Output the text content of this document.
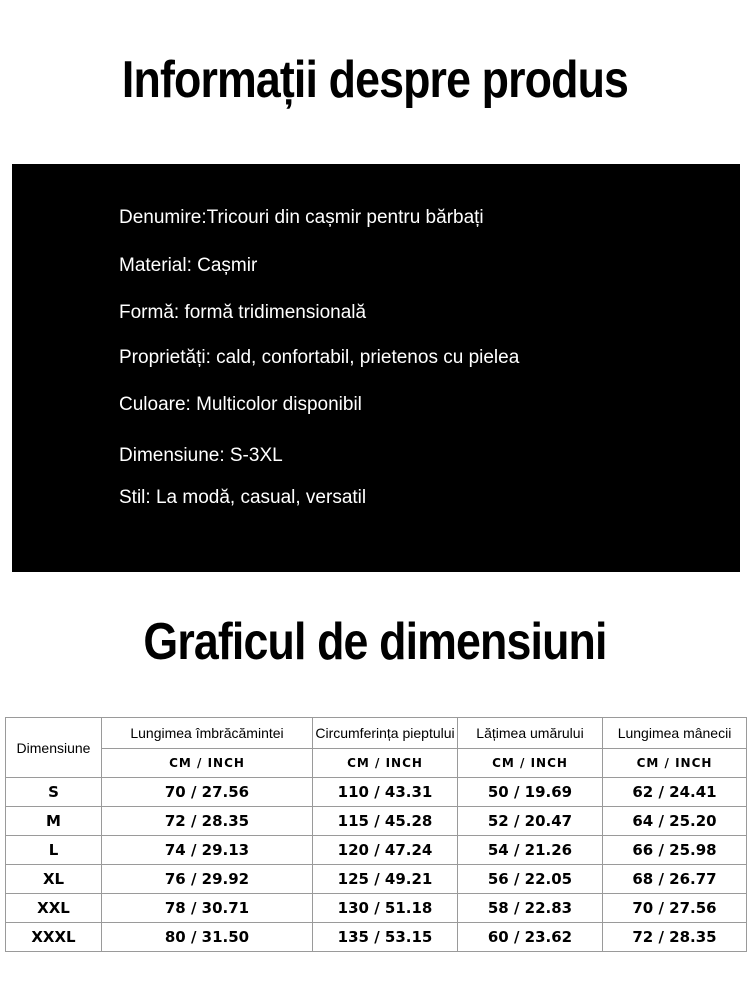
Informații despre produs
Denumire:Tricouri din cașmir pentru bărbați
Material: Cașmir
Formă: formă tridimensională
Proprietăți: cald, confortabil, prietenos cu pielea
Culoare: Multicolor disponibil
Dimensiune: S-3XL
Stil: La modă, casual, versatil
Graficul de dimensiuni
Dimensiune	Lungimea îmbrăcămintei	Circumferința pieptului	Lățimea umărului	Lungimea mânecii
	CM / INCH	CM / INCH	CM / INCH	CM / INCH
S	70 / 27.56	110 / 43.31	50 / 19.69	62 / 24.41
M	72 / 28.35	115 / 45.28	52 / 20.47	64 / 25.20
L	74 / 29.13	120 / 47.24	54 / 21.26	66 / 25.98
XL	76 / 29.92	125 / 49.21	56 / 22.05	68 / 26.77
XXL	78 / 30.71	130 / 51.18	58 / 22.83	70 / 27.56
XXXL	80 / 31.50	135 / 53.15	60 / 23.62	72 / 28.35
